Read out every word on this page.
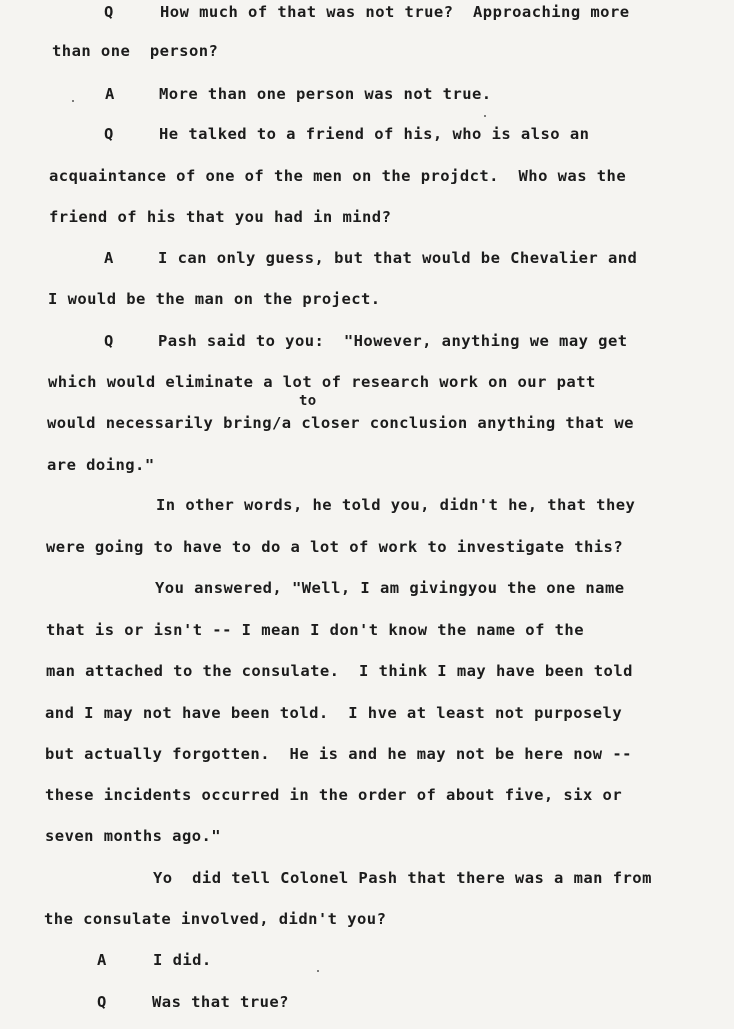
Q	How much of that was not true?  Approaching more
than one  person?
A	More than one person was not true.
Q	He talked to a friend of his, who is also an
acquaintance of one of the men on the projdct.  Who was the
friend of his that you had in mind?
A	I can only guess, but that would be Chevalier and
I would be the man on the project.
Q	Pash said to you:  "However, anything we may get
which would eliminate a lot of research work on our patt
to
would necessarily bring/a closer conclusion anything that we
are doing."
In other words, he told you, didn't he, that they
were going to have to do a lot of work to investigate this?
You answered, "Well, I am givingyou the one name
that is or isn't -- I mean I don't know the name of the
man attached to the consulate.  I think I may have been told
and I may not have been told.  I hve at least not purposely
but actually forgotten.  He is and he may not be here now --
these incidents occurred in the order of about five, six or
seven months ago."
Yo  did tell Colonel Pash that there was a man from
the consulate involved, didn't you?
A	I did.
Q	Was that true?
